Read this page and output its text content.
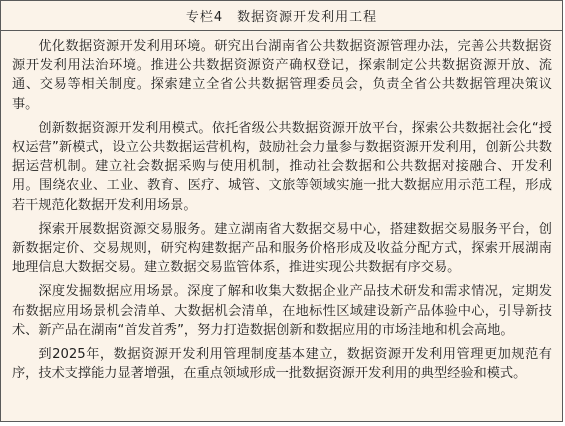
专栏4　数据资源开发利用工程

优化数据资源开发利用环境。研究出台湖南省公共数据资源管理办法，完善公共数据资源开发利用法治环境。推进公共数据资源资产确权登记，探索制定公共数据资源开放、流通、交易等相关制度。探索建立全省公共数据管理委员会，负责全省公共数据管理决策议事。

创新数据资源开发利用模式。依托省级公共数据资源开放平台，探索公共数据社会化“授权运营”新模式，设立公共数据运营机构，鼓励社会力量参与数据资源开发利用，创新公共数据运营机制。建立社会数据采购与使用机制，推动社会数据和公共数据对接融合、开发利用。围绕农业、工业、教育、医疗、城管、文旅等领域实施一批大数据应用示范工程，形成若干规范化数据开发利用场景。

探索开展数据资源交易服务。建立湖南省大数据交易中心，搭建数据交易服务平台，创新数据定价、交易规则，研究构建数据产品和服务价格形成及收益分配方式，探索开展湖南地理信息大数据交易。建立数据交易监管体系，推进实现公共数据有序交易。

深度发掘数据应用场景。深度了解和收集大数据企业产品技术研发和需求情况，定期发布数据应用场景机会清单、大数据机会清单，在地标性区域建设新产品体验中心，引导新技术、新产品在湖南“首发首秀”，努力打造数据创新和数据应用的市场洼地和机会高地。

到2025年，数据资源开发利用管理制度基本建立，数据资源开发利用管理更加规范有序，技术支撑能力显著增强，在重点领域形成一批数据资源开发利用的典型经验和模式。
